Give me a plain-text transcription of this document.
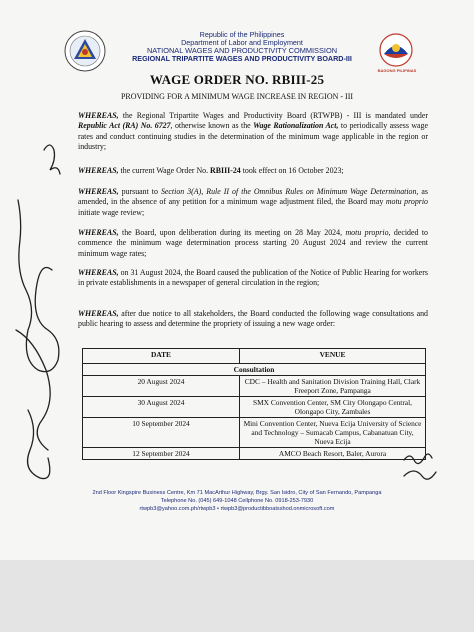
BAGONG PILIPINAS
Republic of the Philippines
Department of Labor and Employment
NATIONAL WAGES AND PRODUCTIVITY COMMISSION
REGIONAL TRIPARTITE WAGES AND PRODUCTIVITY BOARD-III
WAGE ORDER NO. RBIII-25
PROVIDING FOR A MINIMUM WAGE INCREASE IN REGION - III
WHEREAS, the Regional Tripartite Wages and Productivity Board (RTWPB) - III is mandated under Republic Act (RA) No. 6727, otherwise known as the Wage Rationalization Act, to periodically assess wage rates and conduct continuing studies in the determination of the minimum wage applicable in the region or industry;
WHEREAS, the current Wage Order No. RBIII-24 took effect on 16 October 2023;
WHEREAS, pursuant to Section 3(A), Rule II of the Omnibus Rules on Minimum Wage Determination, as amended, in the absence of any petition for a minimum wage adjustment filed, the Board may motu proprio initiate wage review;
WHEREAS, the Board, upon deliberation during its meeting on 28 May 2024, motu proprio, decided to commence the minimum wage determination process starting 20 August 2024 and review the current minimum wage rates;
WHEREAS, on 31 August 2024, the Board caused the publication of the Notice of Public Hearing for workers in private establishments in a newspaper of general circulation in the region;
WHEREAS, after due notice to all stakeholders, the Board conducted the following wage consultations and public hearing to assess and determine the propriety of issuing a new wage order:
DATE	VENUE
Consultation	
20 August 2024	CDC – Health and Sanitation Division Training Hall, Clark Freeport Zone, Pampanga
30 August 2024	SMX Convention Center, SM City Olongapo Central, Olongapo City, Zambales
10 September 2024	Mini Convention Center, Nueva Ecija University of Science and Technology – Sumacab Campus, Cabanatuan City, Nueva Ecija
12 September 2024	AMCO Beach Resort, Baler, Aurora
2nd Floor Kingspire Business Centre, Km 71 MacArthur Highway, Brgy. San Isidro, City of San Fernando, Pampanga
Telephone No. (045) 649-1048 Cellphone No. 0918-253-7930
rtwpb3@yahoo.com.ph/rtwpb3 • rtwpb3@productibboatsshod.onmicrosoft.com
